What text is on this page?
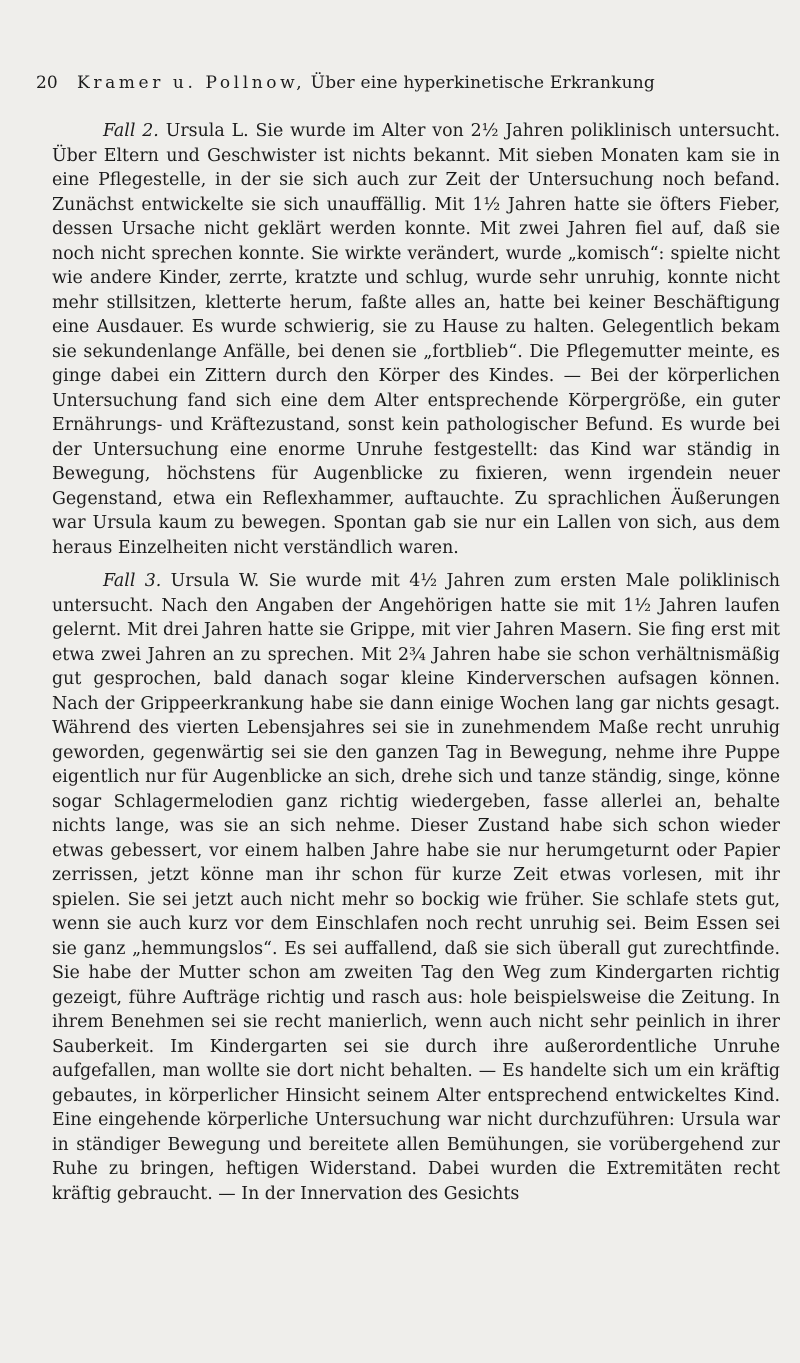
20 Kramer u. Pollnow, Über eine hyperkinetische Erkrankung

Fall 2. Ursula L. Sie wurde im Alter von 2½ Jahren poliklinisch untersucht. Über Eltern und Geschwister ist nichts bekannt. Mit sieben Monaten kam sie in eine Pflegestelle, in der sie sich auch zur Zeit der Untersuchung noch befand. Zunächst entwickelte sie sich unauffällig. Mit 1½ Jahren hatte sie öfters Fieber, dessen Ursache nicht geklärt werden konnte. Mit zwei Jahren fiel auf, daß sie noch nicht sprechen konnte. Sie wirkte verändert, wurde „komisch“: spielte nicht wie andere Kinder, zerrte, kratzte und schlug, wurde sehr unruhig, konnte nicht mehr stillsitzen, kletterte herum, faßte alles an, hatte bei keiner Beschäftigung eine Ausdauer. Es wurde schwierig, sie zu Hause zu halten. Gelegentlich bekam sie sekundenlange Anfälle, bei denen sie „fortblieb“. Die Pflegemutter meinte, es ginge dabei ein Zittern durch den Körper des Kindes. — Bei der körperlichen Untersuchung fand sich eine dem Alter entsprechende Körpergröße, ein guter Ernährungs- und Kräftezustand, sonst kein pathologischer Befund. Es wurde bei der Untersuchung eine enorme Unruhe festgestellt: das Kind war ständig in Bewegung, höchstens für Augenblicke zu fixieren, wenn irgendein neuer Gegenstand, etwa ein Reflexhammer, auftauchte. Zu sprachlichen Äußerungen war Ursula kaum zu bewegen. Spontan gab sie nur ein Lallen von sich, aus dem heraus Einzelheiten nicht verständlich waren.

Fall 3. Ursula W. Sie wurde mit 4½ Jahren zum ersten Male poliklinisch untersucht. Nach den Angaben der Angehörigen hatte sie mit 1½ Jahren laufen gelernt. Mit drei Jahren hatte sie Grippe, mit vier Jahren Masern. Sie fing erst mit etwa zwei Jahren an zu sprechen. Mit 2¾ Jahren habe sie schon verhältnismäßig gut gesprochen, bald danach sogar kleine Kinderverschen aufsagen können. Nach der Grippeerkrankung habe sie dann einige Wochen lang gar nichts gesagt. Während des vierten Lebensjahres sei sie in zunehmendem Maße recht unruhig geworden, gegenwärtig sei sie den ganzen Tag in Bewegung, nehme ihre Puppe eigentlich nur für Augenblicke an sich, drehe sich und tanze ständig, singe, könne sogar Schlagermelodien ganz richtig wiedergeben, fasse allerlei an, behalte nichts lange, was sie an sich nehme. Dieser Zustand habe sich schon wieder etwas gebessert, vor einem halben Jahre habe sie nur herumgeturnt oder Papier zerrissen, jetzt könne man ihr schon für kurze Zeit etwas vorlesen, mit ihr spielen. Sie sei jetzt auch nicht mehr so bockig wie früher. Sie schlafe stets gut, wenn sie auch kurz vor dem Einschlafen noch recht unruhig sei. Beim Essen sei sie ganz „hemmungslos“. Es sei auffallend, daß sie sich überall gut zurechtfinde. Sie habe der Mutter schon am zweiten Tag den Weg zum Kindergarten richtig gezeigt, führe Aufträge richtig und rasch aus: hole beispielsweise die Zeitung. In ihrem Benehmen sei sie recht manierlich, wenn auch nicht sehr peinlich in ihrer Sauberkeit. Im Kindergarten sei sie durch ihre außerordentliche Unruhe aufgefallen, man wollte sie dort nicht behalten. — Es handelte sich um ein kräftig gebautes, in körperlicher Hinsicht seinem Alter entsprechend entwickeltes Kind. Eine eingehende körperliche Untersuchung war nicht durchzuführen: Ursula war in ständiger Bewegung und bereitete allen Bemühungen, sie vorübergehend zur Ruhe zu bringen, heftigen Widerstand. Dabei wurden die Extremitäten recht kräftig gebraucht. — In der Innervation des Gesichts
